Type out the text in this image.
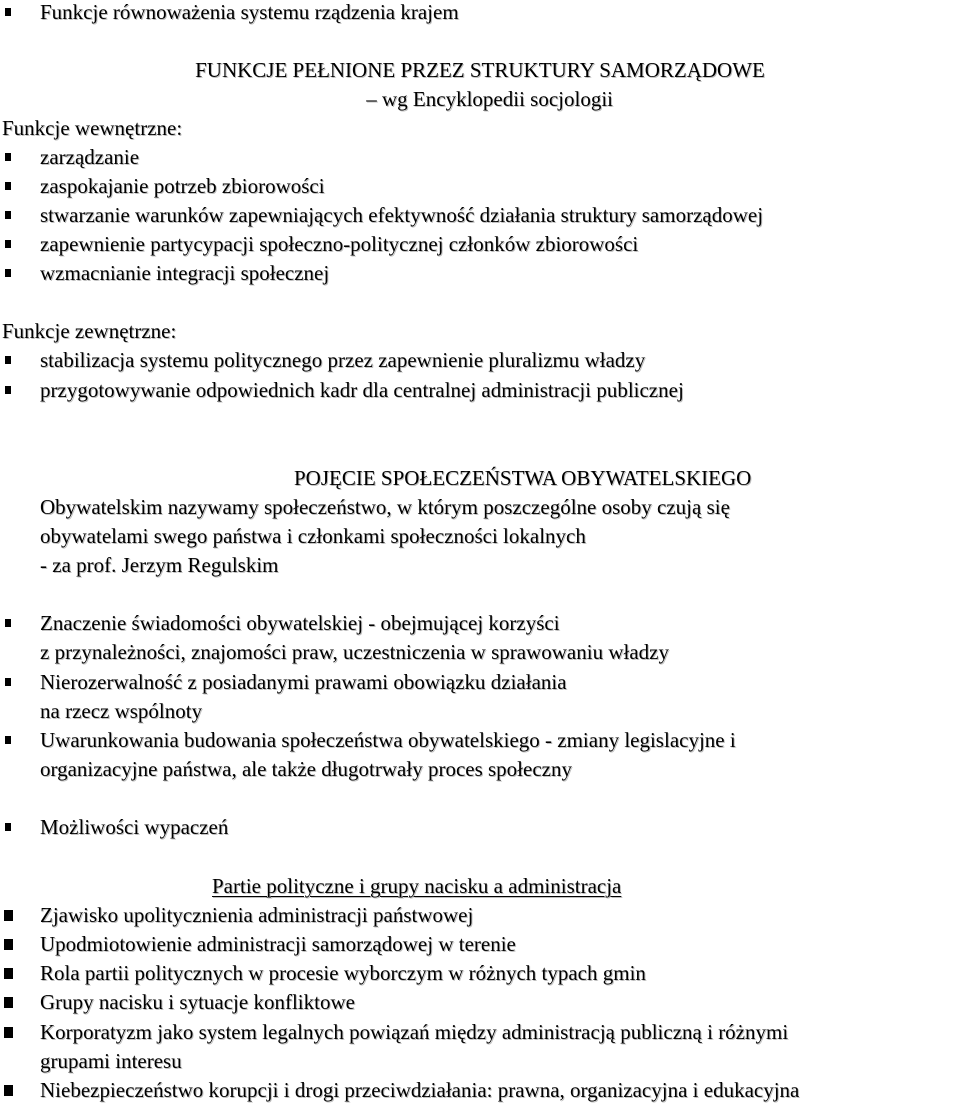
Funkcje równoważenia systemu rządzenia krajem
FUNKCJE PEŁNIONE PRZEZ STRUKTURY SAMORZĄDOWE
– wg Encyklopedii socjologii
Funkcje wewnętrzne:
zarządzanie
zaspokajanie potrzeb zbiorowości
stwarzanie warunków zapewniających efektywność działania struktury samorządowej
zapewnienie partycypacji społeczno-politycznej członków zbiorowości
wzmacnianie integracji społecznej
Funkcje zewnętrzne:
stabilizacja systemu politycznego przez zapewnienie pluralizmu władzy
przygotowywanie odpowiednich kadr dla centralnej administracji publicznej
POJĘCIE SPOŁECZEŃSTWA OBYWATELSKIEGO
Obywatelskim nazywamy społeczeństwo, w którym poszczególne osoby czują się
obywatelami swego państwa i członkami społeczności lokalnych
- za prof. Jerzym Regulskim
Znaczenie świadomości obywatelskiej - obejmującej korzyści
z przynależności, znajomości praw, uczestniczenia w sprawowaniu władzy
Nierozerwalność z posiadanymi prawami obowiązku działania
na rzecz wspólnoty
Uwarunkowania budowania społeczeństwa obywatelskiego - zmiany legislacyjne i
organizacyjne państwa, ale także długotrwały proces społeczny
Możliwości wypaczeń
Partie polityczne i grupy nacisku a administracja
Zjawisko upolitycznienia administracji państwowej
Upodmiotowienie administracji samorządowej w terenie
Rola partii politycznych w procesie wyborczym w różnych typach gmin
Grupy nacisku i sytuacje konfliktowe
Korporatyzm jako system legalnych powiązań między administracją publiczną i różnymi
grupami interesu
Niebezpieczeństwo korupcji i drogi przeciwdziałania: prawna, organizacyjna i edukacyjna
